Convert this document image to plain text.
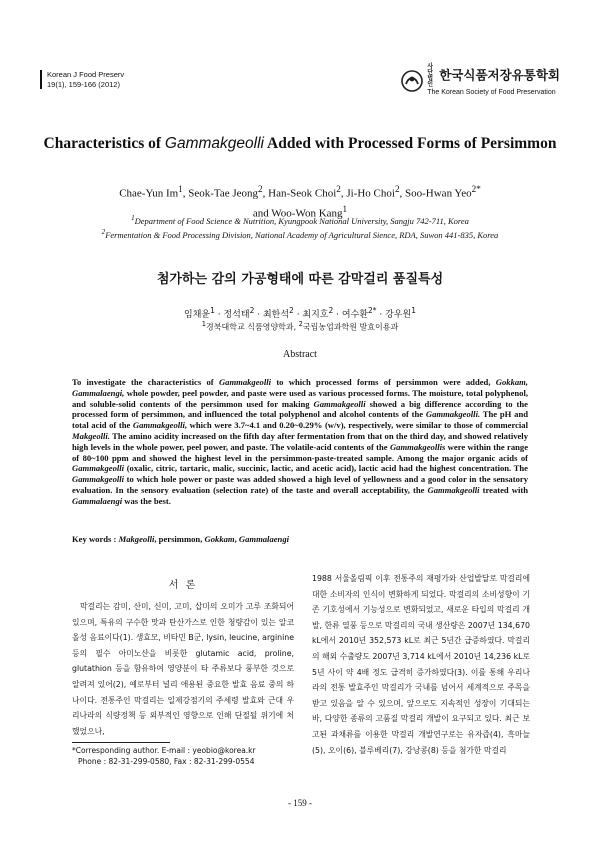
Korean J Food Preserv
19(1), 159-166 (2012)
사단 법인한국식품저장유통학회
The Korean Society of Food Preservation
Characteristics of Gammakgeolli Added with Processed Forms of Persimmon
Chae-Yun Im$^1$, Seok-Tae Jeong$^2$, Han-Seok Choi$^2$, Ji-Ho Choi$^2$, Soo-Hwan Yeo$^{2*}$
and Woo-Won Kang$^1$
$^1$Department of Food Science & Nutrition, Kyungpook National University, Sangju 742-711, Korea
$^2$Fermentation & Food Processing Division, National Academy of Agricultural Sience, RDA, Suwon 441-835, Korea
첨가하는 감의 가공형태에 따른 감막걸리 품질특성
임채윤$^1$ · 정석태$^2$ · 최한석$^2$ · 최지호$^2$ · 여수환$^{2*}$ · 강우원$^1$
$^1$경북대학교 식품영양학과, $^2$국립농업과학원 발효이용과
Abstract
To investigate the characteristics of Gammakgeolli to which processed forms of persimmon were added, Gokkam, Gammalaengi, whole powder, peel powder, and paste were used as various processed forms. The moisture, total polyphenol, and soluble-solid contents of the persimmon used for making Gammakgeolli showed a big difference according to the processed form of persimmon, and influenced the total polyphenol and alcohol contents of the Gammakgeolli. The pH and total acid of the Gammakgeolli, which were 3.7~4.1 and 0.20~0.29% (w/v), respectively, were similar to those of commercial Makgeolli. The amino acidity increased on the fifth day after fermentation from that on the third day, and showed relatively high levels in the whole power, peel power, and paste. The volatile-acid contents of the Gammakgeollis were within the range of 80~100 ppm and showed the highest level in the persimmon-paste-treated sample. Among the major organic acids of Gammakgeolli (oxalic, citric, tartaric, malic, succinic, lactic, and acetic acid), lactic acid had the highest concentration. The Gammakgeolli to which hole power or paste was added showed a high level of yellowness and a good color in the sensatory evaluation. In the sensory evaluation (selection rate) of the taste and overall acceptability, the Gammakgeolli treated with Gammalaengi was the best.
Key words : Makgeolli, persimmon, Gokkam, Gammalaengi
서 론

막걸리는 감미, 산미, 신미, 고미, 삽미의 오미가 고루 조화되어 있으며, 특유의 구수한 맛과 탄산가스로 인한 청량감이 있는 알코올성 음료이다(1). 생효모, 비타민 B군, lysin, leucine, arginine 등의 필수 아미노산을 비롯한 glutamic acid, proline, glutathion 등을 함유하여 영양분이 타 주류보다 풍부한 것으로 알려져 있어(2), 예로부터 널리 애용된 중요한 발효 음료 중의 하나이다. 전통주인 막걸리는 일제강점기의 주세령 발효와 근대 우리나라의 식량정책 등 외부적인 영향으로 인해 단절될 위기에 처했었으나,

1988 서울올림픽 이후 전통주의 재평가와 산업발달로 막걸리에 대한 소비자의 인식이 변화하게 되었다. 막걸리의 소비성향이 기존 기호성에서 기능성으로 변화되었고, 새로운 타입의 막걸리 개발, 한류 열풍 등으로 막걸리의 국내 생산량은 2007년 134,670 kL에서 2010년 352,573 kL로 최근 5년간 급증하였다. 막걸리의 해외 수출량도 2007년 3,714 kL에서 2010년 14,236 kL로 5년 사이 약 4배 정도 급격히 증가하였다(3). 이를 통해 우리나라의 전통 발효주인 막걸리가 국내를 넘어서 세계적으로 주목을 받고 있음을 알 수 있으며, 앞으로도 지속적인 성장이 기대되는바, 다양한 종류의 고품질 막걸리 개발이 요구되고 있다. 최근 보고된 과채류를 이용한 막걸리 개발연구로는 유자즙(4), 흑마늘(5), 오이(6), 블루베리(7), 강낭콩(8) 등을 첨가한 막걸리

*Corresponding author. E-mail : yeobio@korea.kr
Phone : 82-31-299-0580, Fax : 82-31-299-0554
- 159 -
